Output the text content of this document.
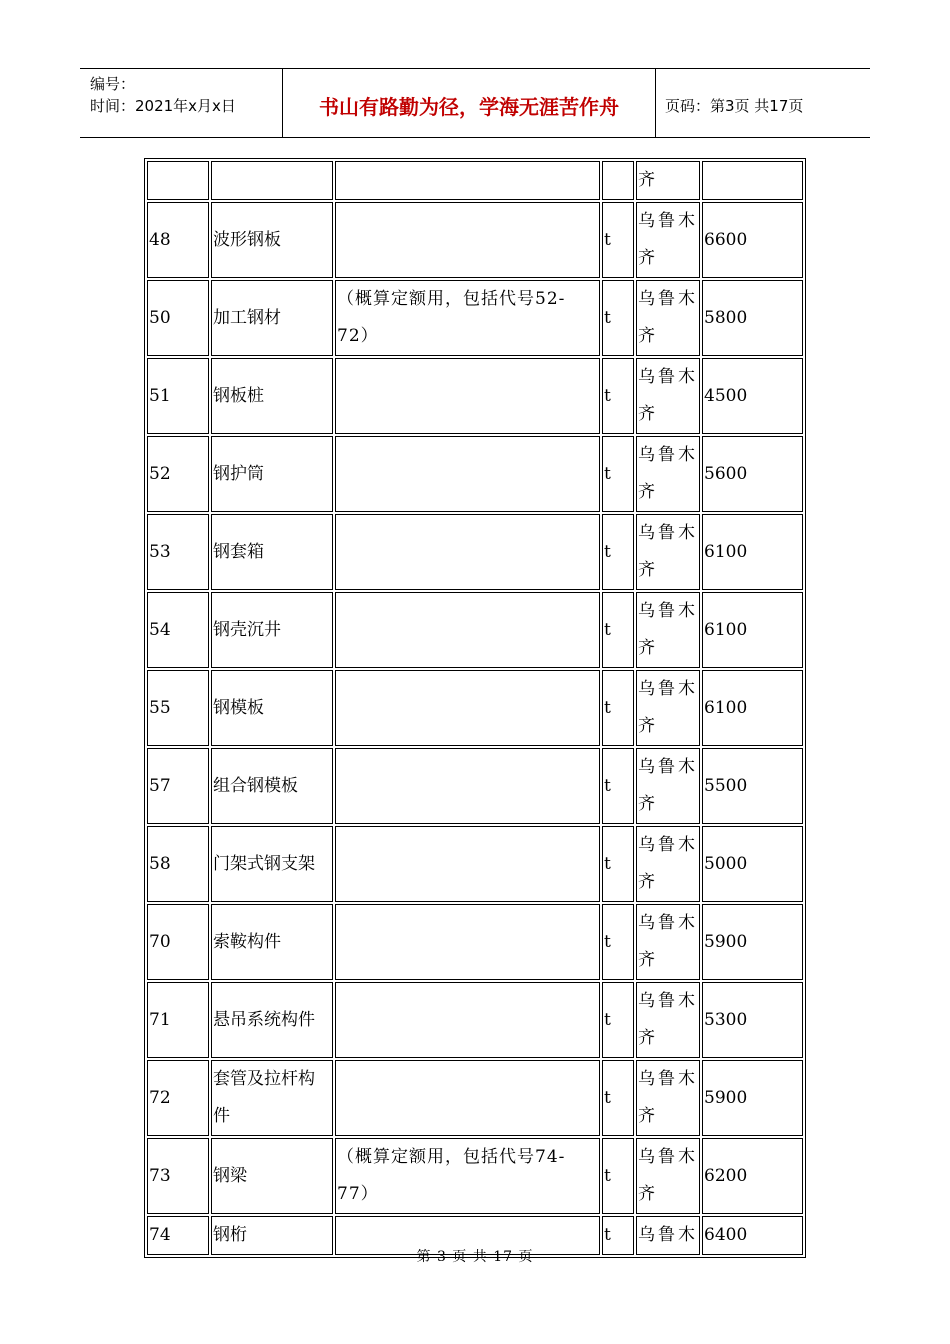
编号：
时间：2021年x月x日	书山有路勤为径，学海无涯苦作舟	页码：第3页 共17页
				齐	
48	波形钢板		t	乌鲁木齐	6600
50	加工钢材	（概算定额用，包括代号52-72）	t	乌鲁木齐	5800
51	钢板桩		t	乌鲁木齐	4500
52	钢护筒		t	乌鲁木齐	5600
53	钢套箱		t	乌鲁木齐	6100
54	钢壳沉井		t	乌鲁木齐	6100
55	钢模板		t	乌鲁木齐	6100
57	组合钢模板		t	乌鲁木齐	5500
58	门架式钢支架		t	乌鲁木齐	5000
70	索鞍构件		t	乌鲁木齐	5900
71	悬吊系统构件		t	乌鲁木齐	5300
72	套管及拉杆构件		t	乌鲁木齐	5900
73	钢梁	（概算定额用，包括代号74-77）	t	乌鲁木齐	6200
74	钢桁		t	乌鲁木	6400
第 3 页 共 17 页
